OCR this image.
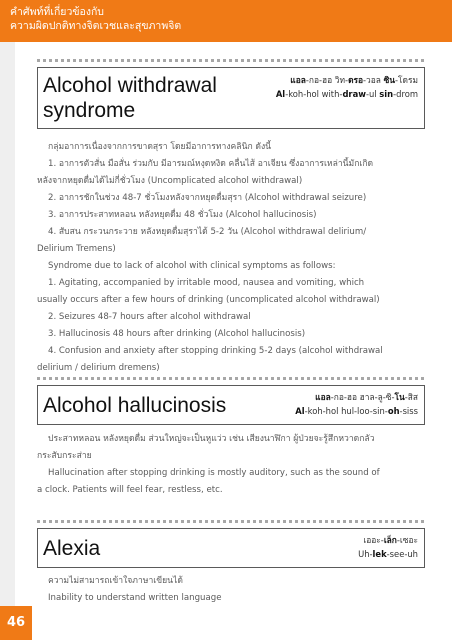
คำศัพท์ที่เกี่ยวข้องกับ
ความผิดปกติทางจิตเวชและสุขภาพจิต
46
Alcohol withdrawal
syndrome
แอล-กอ-ฮอ วิท-ดรอ-วอล ซิน-โดรม
Al-koh-hol with-draw-ul sin-drom
กลุ่มอาการเนื่องจากการขาดสุรา โดยมีอาการทางคลินิก ดังนี้
1. อาการตัวสั่น มือสั่น ร่วมกับ มีอารมณ์หงุดหงิด คลื่นไส้ อาเจียน ซึ่งอาการเหล่านี้มักเกิด
หลังจากหยุดดื่มได้ไม่กี่ชั่วโมง (Uncomplicated alcohol withdrawal)
2. อาการชักในช่วง 48-7 ชั่วโมงหลังจากหยุดดื่มสุรา (Alcohol withdrawal seizure)
3. อาการประสาทหลอน หลังหยุดดื่ม 48 ชั่วโมง (Alcohol hallucinosis)
4. สับสน กระวนกระวาย หลังหยุดดื่มสุราได้ 5-2 วัน (Alcohol withdrawal delirium/
Delirium Tremens)
Syndrome due to lack of alcohol with clinical symptoms as follows:
1. Agitating, accompanied by irritable mood, nausea and vomiting, which
usually occurs after a few hours of drinking (uncomplicated alcohol withdrawal)
2. Seizures 48-7 hours after alcohol withdrawal
3. Hallucinosis 48 hours after drinking (Alcohol hallucinosis)
4. Confusion and anxiety after stopping drinking 5-2 days (alcohol withdrawal
delirium / delirium dremens)
Alcohol hallucinosis	แอล-กอ-ฮอ ฮาล-ลู-ซิ-โน-สิส
Al-koh-hol hul-loo-sin-oh-siss
ประสาทหลอน หลังหยุดดื่ม ส่วนใหญ่จะเป็นหูแว่ว เช่น เสียงนาฬิกา ผู้ป่วยจะรู้สึกหวาดกลัว
กระสับกระส่าย
Hallucination after stopping drinking is mostly auditory, such as the sound of
a clock. Patients will feel fear, restless, etc.
Alexia	เออะ-เล็ก-เซอะ
Uh-lek-see-uh
ความไม่สามารถเข้าใจภาษาเขียนได้
Inability to understand written language
